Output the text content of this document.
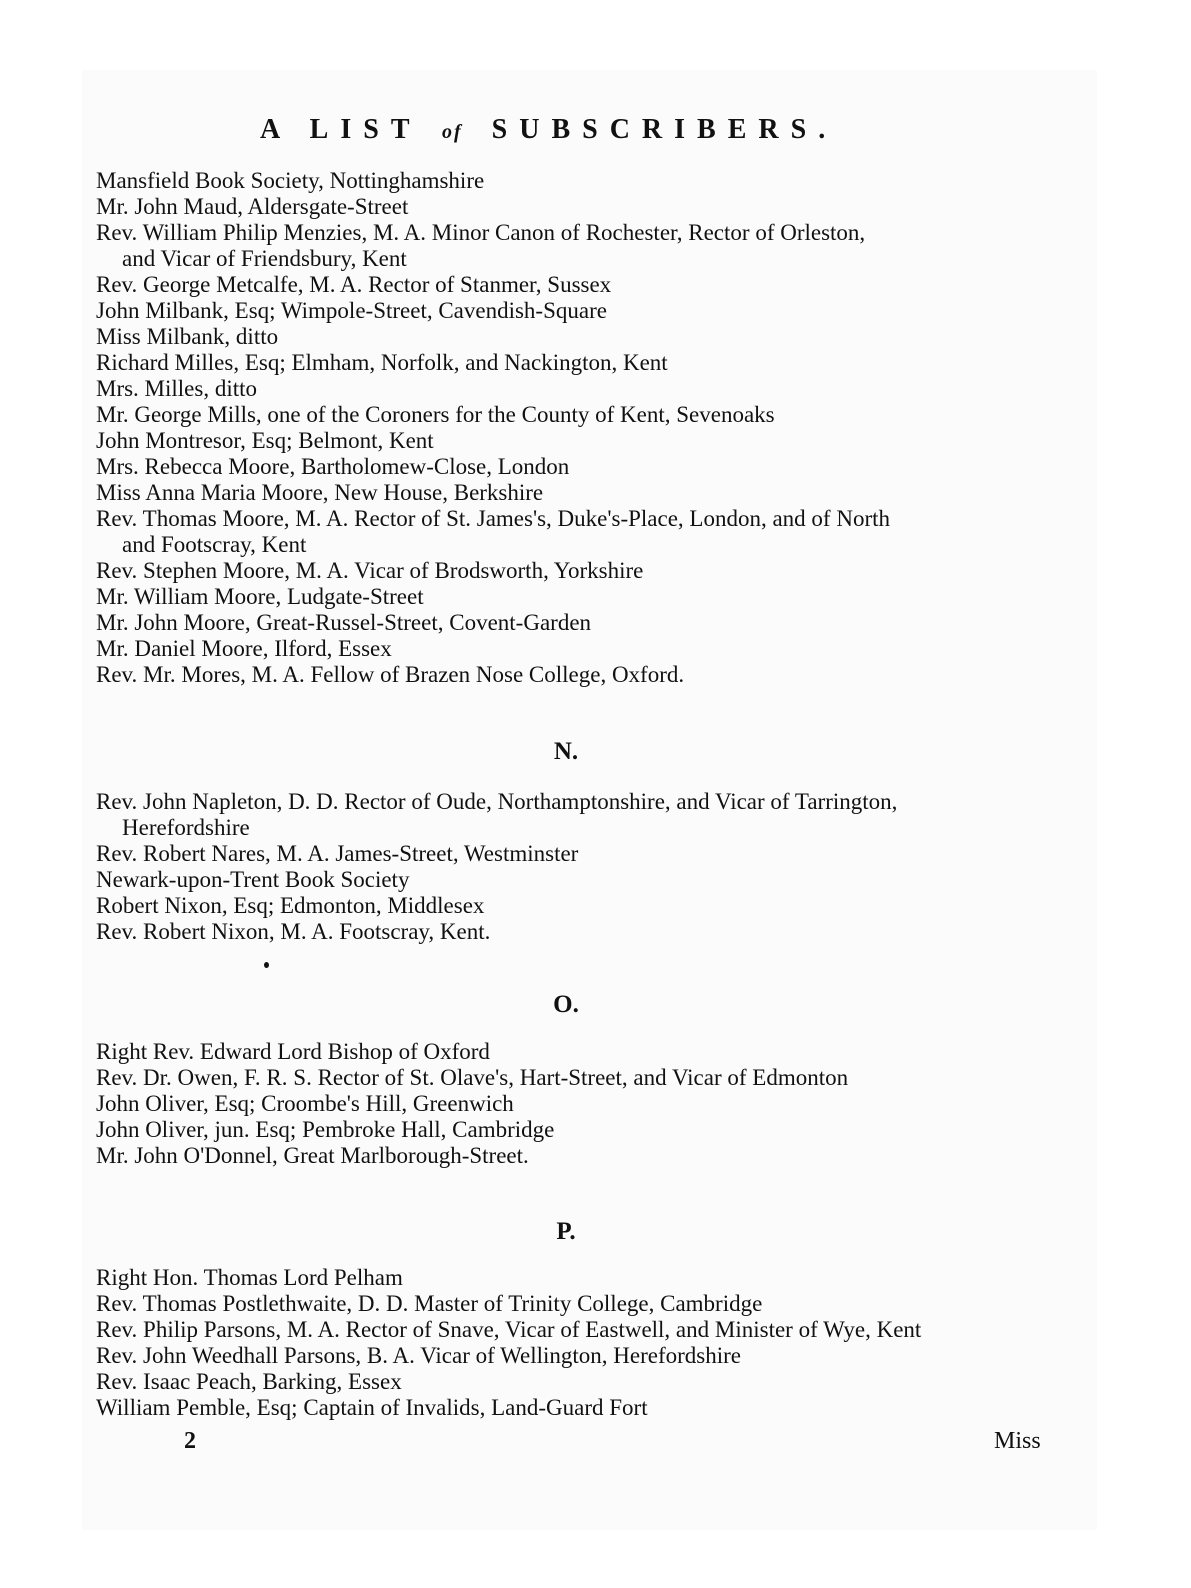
A LIST of SUBSCRIBERS.

Mansfield Book Society, Nottinghamshire

Mr. John Maud, Aldersgate-Street

Rev. William Philip Menzies, M. A. Minor Canon of Rochester, Rector of Orleston,
and Vicar of Friendsbury, Kent

Rev. George Metcalfe, M. A. Rector of Stanmer, Sussex

John Milbank, Esq; Wimpole-Street, Cavendish-Square

Miss Milbank, ditto

Richard Milles, Esq; Elmham, Norfolk, and Nackington, Kent

Mrs. Milles, ditto

Mr. George Mills, one of the Coroners for the County of Kent, Sevenoaks

John Montresor, Esq; Belmont, Kent

Mrs. Rebecca Moore, Bartholomew-Close, London

Miss Anna Maria Moore, New House, Berkshire

Rev. Thomas Moore, M. A. Rector of St. James's, Duke's-Place, London, and of North
and Footscray, Kent

Rev. Stephen Moore, M. A. Vicar of Brodsworth, Yorkshire

Mr. William Moore, Ludgate-Street

Mr. John Moore, Great-Russel-Street, Covent-Garden

Mr. Daniel Moore, Ilford, Essex

Rev. Mr. Mores, M. A. Fellow of Brazen Nose College, Oxford.

N.

Rev. John Napleton, D. D. Rector of Oude, Northamptonshire, and Vicar of Tarrington,
Herefordshire

Rev. Robert Nares, M. A. James-Street, Westminster

Newark-upon-Trent Book Society

Robert Nixon, Esq; Edmonton, Middlesex

Rev. Robert Nixon, M. A. Footscray, Kent.

O.

Right Rev. Edward Lord Bishop of Oxford

Rev. Dr. Owen, F. R. S. Rector of St. Olave's, Hart-Street, and Vicar of Edmonton

John Oliver, Esq; Croombe's Hill, Greenwich

John Oliver, jun. Esq; Pembroke Hall, Cambridge

Mr. John O'Donnel, Great Marlborough-Street.

P.

Right Hon. Thomas Lord Pelham

Rev. Thomas Postlethwaite, D. D. Master of Trinity College, Cambridge

Rev. Philip Parsons, M. A. Rector of Snave, Vicar of Eastwell, and Minister of Wye, Kent

Rev. John Weedhall Parsons, B. A. Vicar of Wellington, Herefordshire

Rev. Isaac Peach, Barking, Essex

William Pemble, Esq; Captain of Invalids, Land-Guard Fort

2	Miss
